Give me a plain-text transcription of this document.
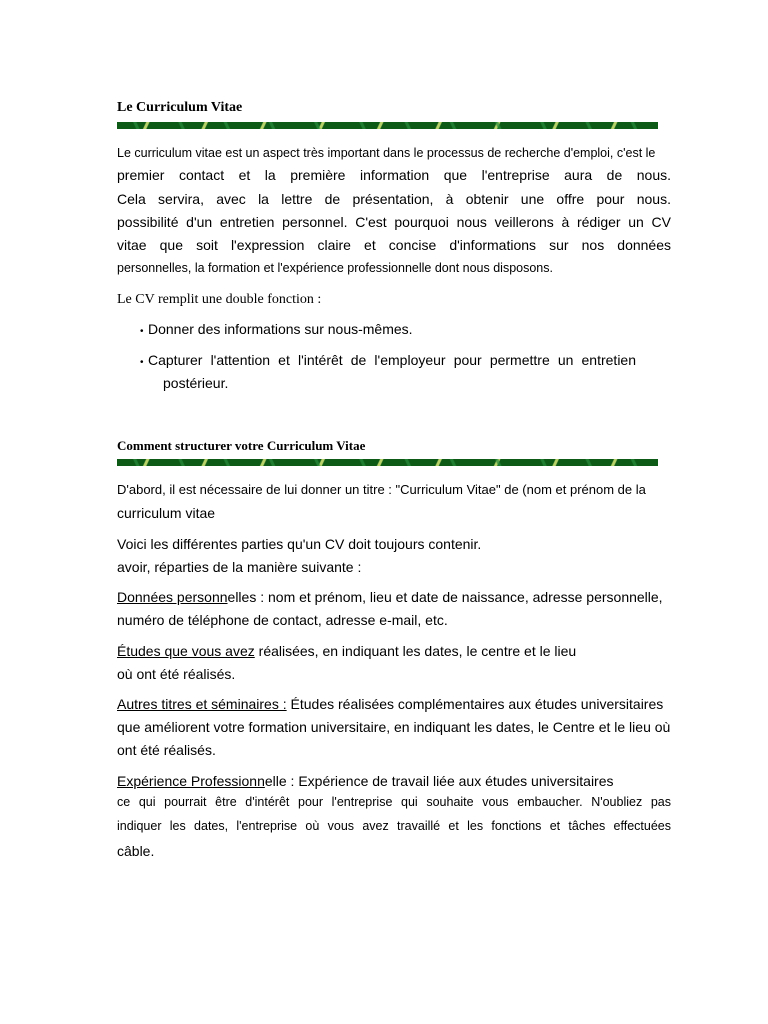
Le Curriculum Vitae
Le curriculum vitae est un aspect très important dans le processus de recherche d'emploi, c'est le
premier contact et la première information que l'entreprise aura de nous.
Cela servira, avec la lettre de présentation, à obtenir une offre pour nous.
possibilité d'un entretien personnel. C'est pourquoi nous veillerons à rédiger un CV
vitae que soit l'expression claire et concise d'informations sur nos données
personnelles, la formation et l'expérience professionnelle dont nous disposons.
Le CV remplit une double fonction :
• Donner des informations sur nous-mêmes.
• Capturer l'attention et l'intérêt de l'employeur pour permettre un entretien
postérieur.
Comment structurer votre Curriculum Vitae
D'abord, il est nécessaire de lui donner un titre : "Curriculum Vitae" de (nom et prénom de la
curriculum vitae
Voici les différentes parties qu'un CV doit toujours contenir.
avoir, réparties de la manière suivante :
Données personnelles : nom et prénom, lieu et date de naissance, adresse personnelle,
numéro de téléphone de contact, adresse e-mail, etc.
Études que vous avez réalisées, en indiquant les dates, le centre et le lieu
où ont été réalisés.
Autres titres et séminaires : Études réalisées complémentaires aux études universitaires
que améliorent votre formation universitaire, en indiquant les dates, le Centre et le lieu où
ont été réalisés.
Expérience Professionnelle : Expérience de travail liée aux études universitaires
ce qui pourrait être d'intérêt pour l'entreprise qui souhaite vous embaucher. N'oubliez pas
indiquer les dates, l'entreprise où vous avez travaillé et les fonctions et tâches effectuées
câble.
